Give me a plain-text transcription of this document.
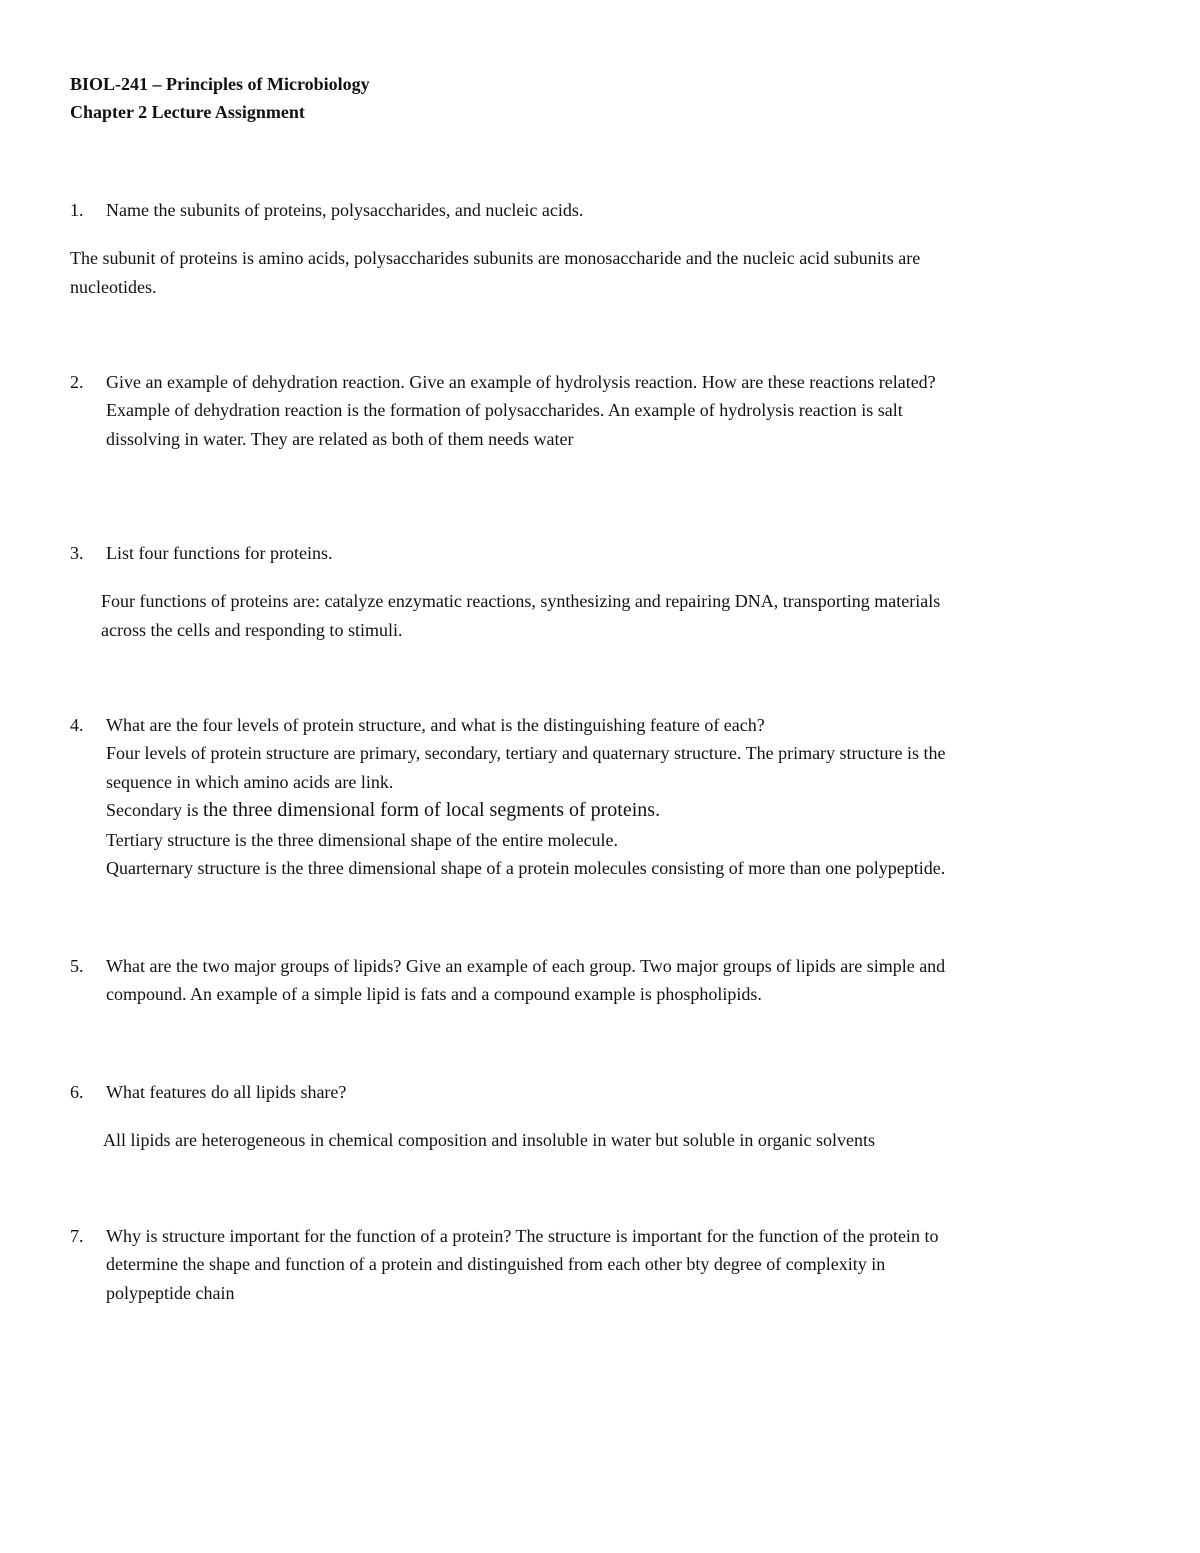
BIOL-241 – Principles of Microbiology
Chapter 2 Lecture Assignment
1. Name the subunits of proteins, polysaccharides, and nucleic acids.
The subunit of proteins is amino acids, polysaccharides subunits are monosaccharide and the nucleic acid subunits are
nucleotides.
2. Give an example of dehydration reaction. Give an example of hydrolysis reaction. How are these reactions related?
Example of dehydration reaction is the formation of polysaccharides. An example of hydrolysis reaction is salt
dissolving in water. They are related as both of them needs water
3. List four functions for proteins.
Four functions of proteins are: catalyze enzymatic reactions, synthesizing and repairing DNA, transporting materials
across the cells and responding to stimuli.
4. What are the four levels of protein structure, and what is the distinguishing feature of each?
Four levels of protein structure are primary, secondary, tertiary and quaternary structure. The primary structure is the
sequence in which amino acids are link.
Secondary is the three dimensional form of local segments of proteins.
Tertiary structure is the three dimensional shape of the entire molecule.
Quarternary structure is the three dimensional shape of a protein molecules consisting of more than one polypeptide.
5. What are the two major groups of lipids? Give an example of each group. Two major groups of lipids are simple and
compound. An example of a simple lipid is fats and a compound example is phospholipids.
6. What features do all lipids share?
All lipids are heterogeneous in chemical composition and insoluble in water but soluble in organic solvents
7. Why is structure important for the function of a protein? The structure is important for the function of the protein to
determine the shape and function of a protein and distinguished from each other bty degree of complexity in
polypeptide chain
